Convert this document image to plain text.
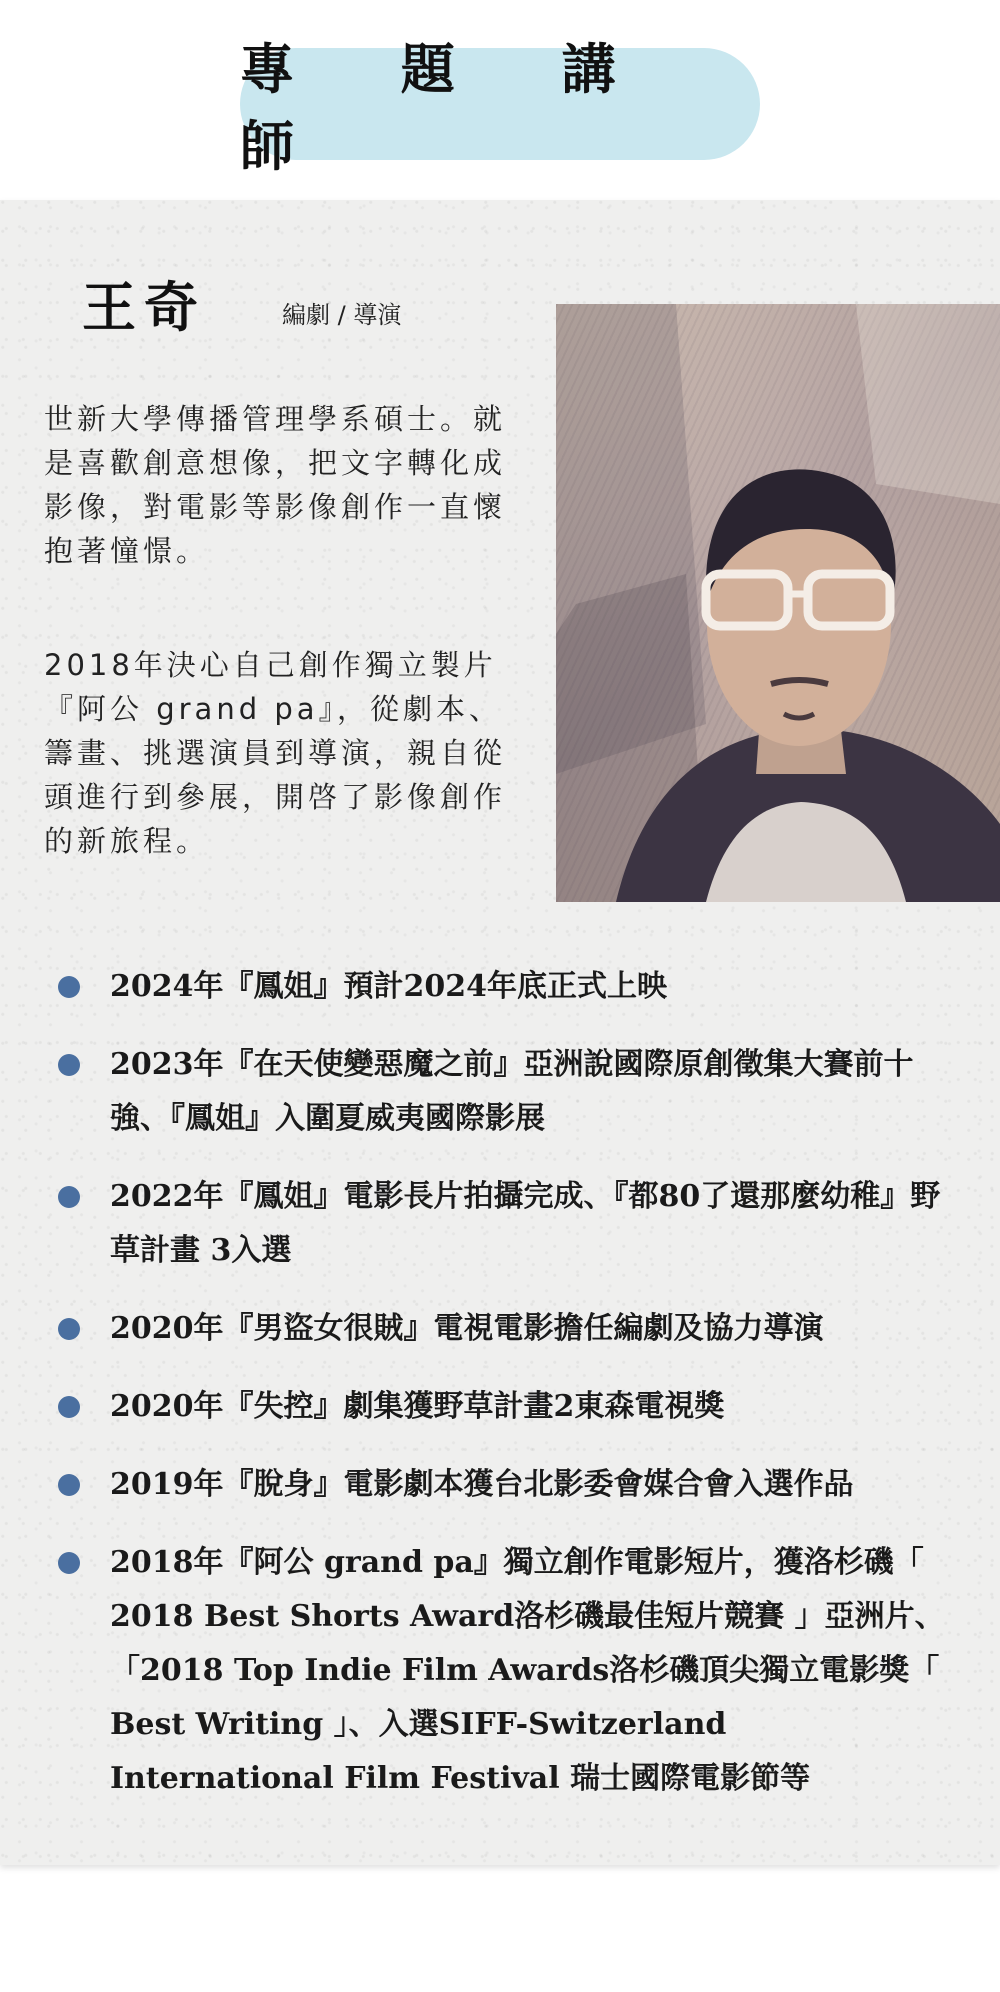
專 題 講 師
王奇	編劇 / 導演

世新大學傳播管理學系碩士。就是喜歡創意想像，把文字轉化成影像，對電影等影像創作一直懷抱著憧憬。

2018年決心自己創作獨立製片『阿公 grand pa』，從劇本、籌畫、挑選演員到導演，親自從頭進行到參展，開啓了影像創作的新旅程。

2024年『鳳姐』預計2024年底正式上映
2023年『在天使變惡魔之前』亞洲說國際原創徵集大賽前十強、『鳳姐』入圍夏威夷國際影展
2022年『鳳姐』電影長片拍攝完成、『都80了還那麼幼稚』野草計畫 3入選
2020年『男盜女很賊』電視電影擔任編劇及協力導演
2020年『失控』劇集獲野草計畫2東森電視獎
2019年『脫身』電影劇本獲台北影委會媒合會入選作品
2018年『阿公 grand pa』獨立創作電影短片，獲洛杉磯「 2018 Best Shorts Award洛杉磯最佳短片競賽 」亞洲片、「2018 Top Indie Film Awards洛杉磯頂尖獨立電影獎「 Best Writing 」、入選SIFF-Switzerland International Film Festival 瑞士國際電影節等
